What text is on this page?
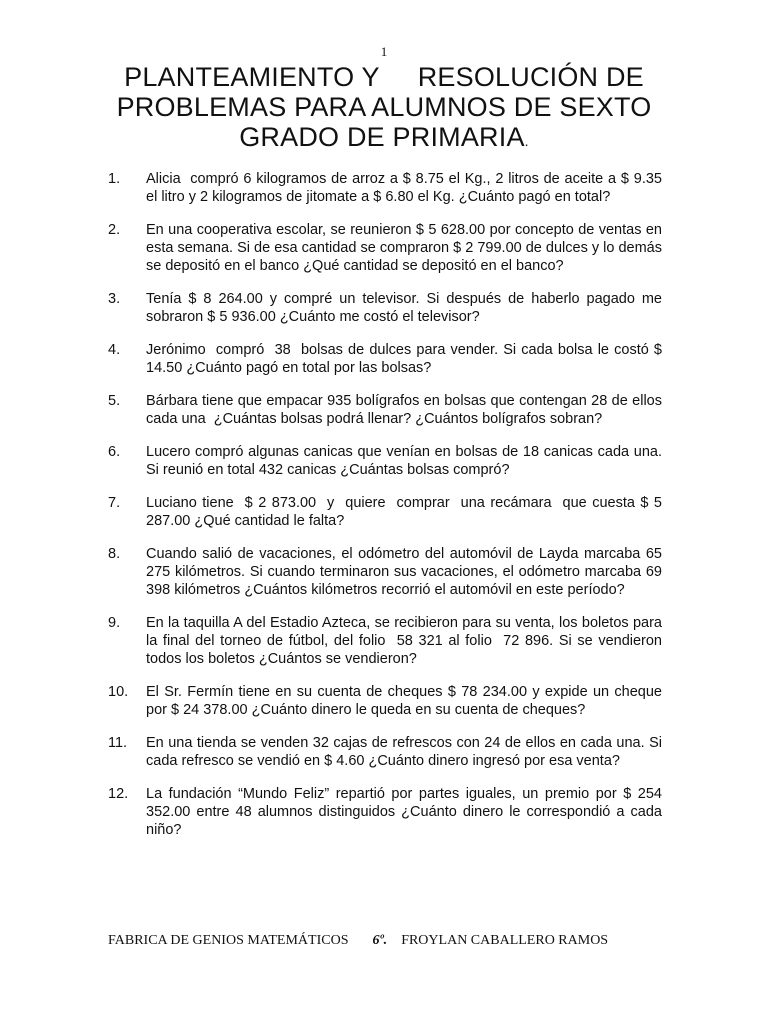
1
PLANTEAMIENTO Y     RESOLUCIÓN DE
PROBLEMAS PARA ALUMNOS DE SEXTO
GRADO DE PRIMARIA.
1. Alicia  compró 6 kilogramos de arroz a $ 8.75 el Kg., 2 litros de aceite a $ 9.35 el litro y 2 kilogramos de jitomate a $ 6.80 el Kg. ¿Cuánto pagó en total?
2. En una cooperativa escolar, se reunieron $ 5 628.00 por concepto de ventas en esta semana. Si de esa cantidad se compraron $ 2 799.00 de dulces y lo demás se depositó en el banco ¿Qué cantidad se depositó en el banco?
3. Tenía $ 8 264.00 y compré un televisor. Si después de haberlo pagado me sobraron $ 5 936.00 ¿Cuánto me costó el televisor?
4. Jerónimo  compró  38  bolsas de dulces para vender. Si cada bolsa le costó $ 14.50 ¿Cuánto pagó en total por las bolsas?
5. Bárbara tiene que empacar 935 bolígrafos en bolsas que contengan 28 de ellos cada una  ¿Cuántas bolsas podrá llenar? ¿Cuántos bolígrafos sobran?
6. Lucero compró algunas canicas que venían en bolsas de 18 canicas cada una. Si reunió en total 432 canicas ¿Cuántas bolsas compró?
7. Luciano tiene  $ 2 873.00  y  quiere  comprar  una recámara  que cuesta $ 5 287.00 ¿Qué cantidad le falta?
8. Cuando salió de vacaciones, el odómetro del automóvil de Layda marcaba 65 275 kilómetros. Si cuando terminaron sus vacaciones, el odómetro marcaba 69 398 kilómetros ¿Cuántos kilómetros recorrió el automóvil en este período?
9. En la taquilla A del Estadio Azteca, se recibieron para su venta, los boletos para la final del torneo de fútbol, del folio  58 321 al folio  72 896. Si se vendieron todos los boletos ¿Cuántos se vendieron?
10. El Sr. Fermín tiene en su cuenta de cheques $ 78 234.00 y expide un cheque por $ 24 378.00 ¿Cuánto dinero le queda en su cuenta de cheques?
11. En una tienda se venden 32 cajas de refrescos con 24 de ellos en cada una. Si cada refresco se vendió en $ 4.60 ¿Cuánto dinero ingresó por esa venta?
12. La fundación “Mundo Feliz” repartió por partes iguales, un premio por $ 254 352.00 entre 48 alumnos distinguidos ¿Cuánto dinero le correspondió a cada niño?
FABRICA DE GENIOS MATEMÁTICOS 6º. FROYLAN CABALLERO RAMOS
